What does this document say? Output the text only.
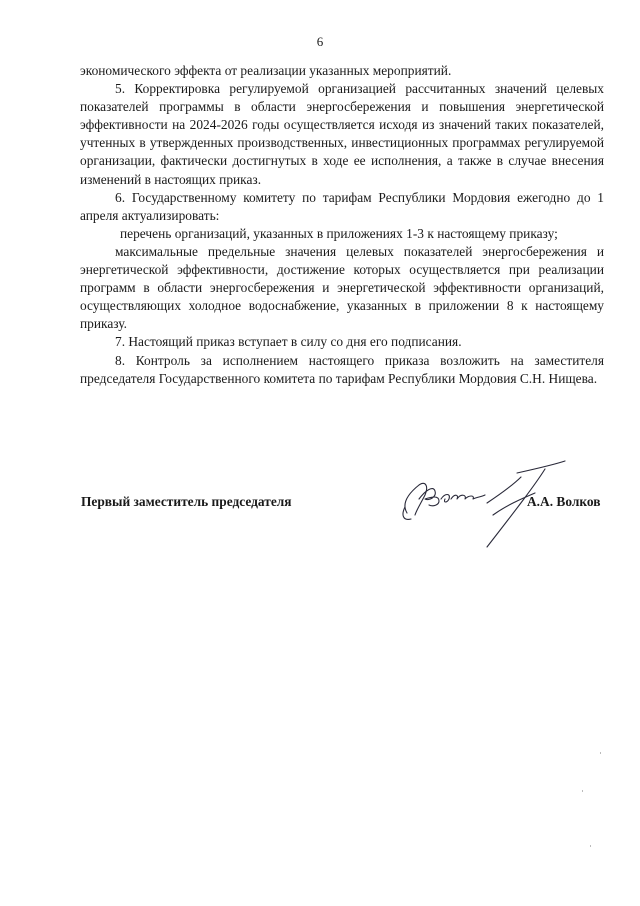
6

экономического эффекта от реализации указанных мероприятий.

5. Корректировка регулируемой организацией рассчитанных значений целевых показателей программы в области энергосбережения и повышения энергетической эффективности на 2024-2026 годы осуществляется исходя из значений таких показателей, учтенных в утвержденных производственных, инвестиционных программах регулируемой организации, фактически достигнутых в ходе ее исполнения, а также в случае внесения изменений в настоящих приказ.

6. Государственному комитету по тарифам Республики Мордовия ежегодно до 1 апреля актуализировать:

перечень организаций, указанных в приложениях 1-3 к настоящему приказу;

максимальные предельные значения целевых показателей энергосбережения и энергетической эффективности, достижение которых осуществляется при реализации программ в области энергосбережения и энергетической эффективности организаций, осуществляющих холодное водоснабжение, указанных в приложении 8 к настоящему приказу.

7. Настоящий приказ вступает в силу со дня его подписания.

8. Контроль за исполнением настоящего приказа возложить на заместителя председателя Государственного комитета по тарифам Республики Мордовия С.Н. Нищева.

Первый заместитель председателя	А.А. Волков
